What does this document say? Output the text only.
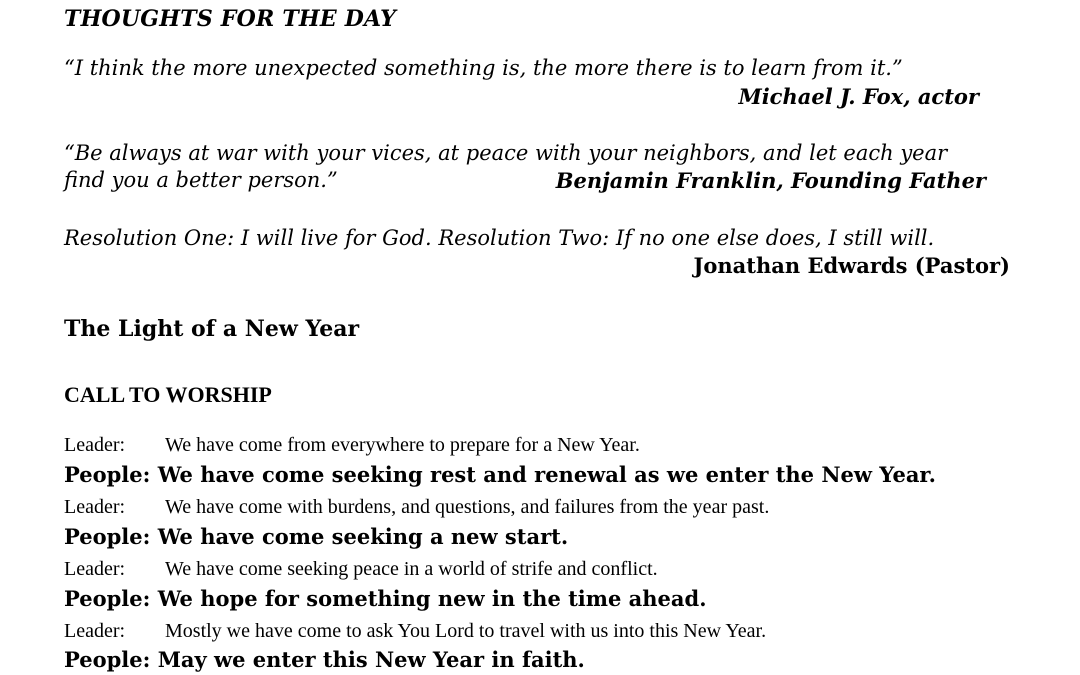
THOUGHTS FOR THE DAY
“I think the more unexpected something is, the more there is to learn from it.”
Michael J. Fox, actor
“Be always at war with your vices, at peace with your neighbors, and let each year
find you a better person.”	Benjamin Franklin, Founding Father
Resolution One: I will live for God. Resolution Two: If no one else does, I still will.
Jonathan Edwards (Pastor)
The Light of a New Year
CALL TO WORSHIP
Leader: We have come from everywhere to prepare for a New Year.
People: We have come seeking rest and renewal as we enter the New Year.
Leader: We have come with burdens, and questions, and failures from the year past.
People: We have come seeking a new start.
Leader: We have come seeking peace in a world of strife and conflict.
People: We hope for something new in the time ahead.
Leader: Mostly we have come to ask You Lord to travel with us into this New Year.
People: May we enter this New Year in faith.
